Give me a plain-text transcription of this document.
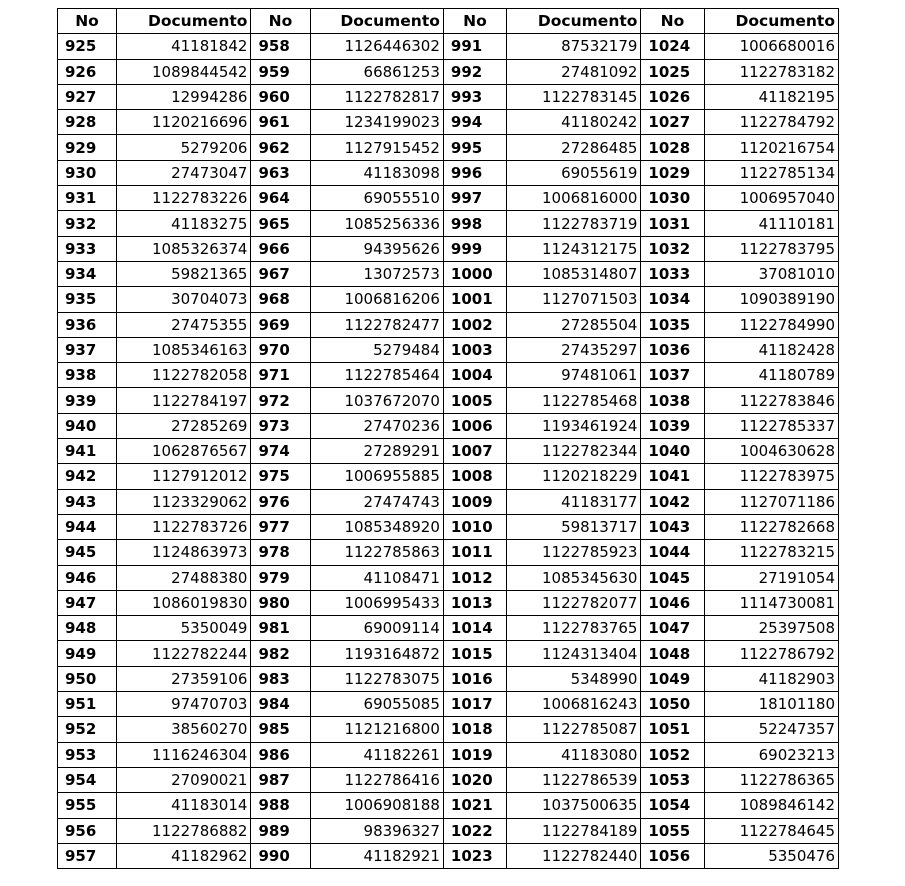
No	Documento	No	Documento	No	Documento	No	Documento
925	41181842	958	1126446302	991	87532179	1024	1006680016
926	1089844542	959	66861253	992	27481092	1025	1122783182
927	12994286	960	1122782817	993	1122783145	1026	41182195
928	1120216696	961	1234199023	994	41180242	1027	1122784792
929	5279206	962	1127915452	995	27286485	1028	1120216754
930	27473047	963	41183098	996	69055619	1029	1122785134
931	1122783226	964	69055510	997	1006816000	1030	1006957040
932	41183275	965	1085256336	998	1122783719	1031	41110181
933	1085326374	966	94395626	999	1124312175	1032	1122783795
934	59821365	967	13072573	1000	1085314807	1033	37081010
935	30704073	968	1006816206	1001	1127071503	1034	1090389190
936	27475355	969	1122782477	1002	27285504	1035	1122784990
937	1085346163	970	5279484	1003	27435297	1036	41182428
938	1122782058	971	1122785464	1004	97481061	1037	41180789
939	1122784197	972	1037672070	1005	1122785468	1038	1122783846
940	27285269	973	27470236	1006	1193461924	1039	1122785337
941	1062876567	974	27289291	1007	1122782344	1040	1004630628
942	1127912012	975	1006955885	1008	1120218229	1041	1122783975
943	1123329062	976	27474743	1009	41183177	1042	1127071186
944	1122783726	977	1085348920	1010	59813717	1043	1122782668
945	1124863973	978	1122785863	1011	1122785923	1044	1122783215
946	27488380	979	41108471	1012	1085345630	1045	27191054
947	1086019830	980	1006995433	1013	1122782077	1046	1114730081
948	5350049	981	69009114	1014	1122783765	1047	25397508
949	1122782244	982	1193164872	1015	1124313404	1048	1122786792
950	27359106	983	1122783075	1016	5348990	1049	41182903
951	97470703	984	69055085	1017	1006816243	1050	18101180
952	38560270	985	1121216800	1018	1122785087	1051	52247357
953	1116246304	986	41182261	1019	41183080	1052	69023213
954	27090021	987	1122786416	1020	1122786539	1053	1122786365
955	41183014	988	1006908188	1021	1037500635	1054	1089846142
956	1122786882	989	98396327	1022	1122784189	1055	1122784645
957	41182962	990	41182921	1023	1122782440	1056	5350476
